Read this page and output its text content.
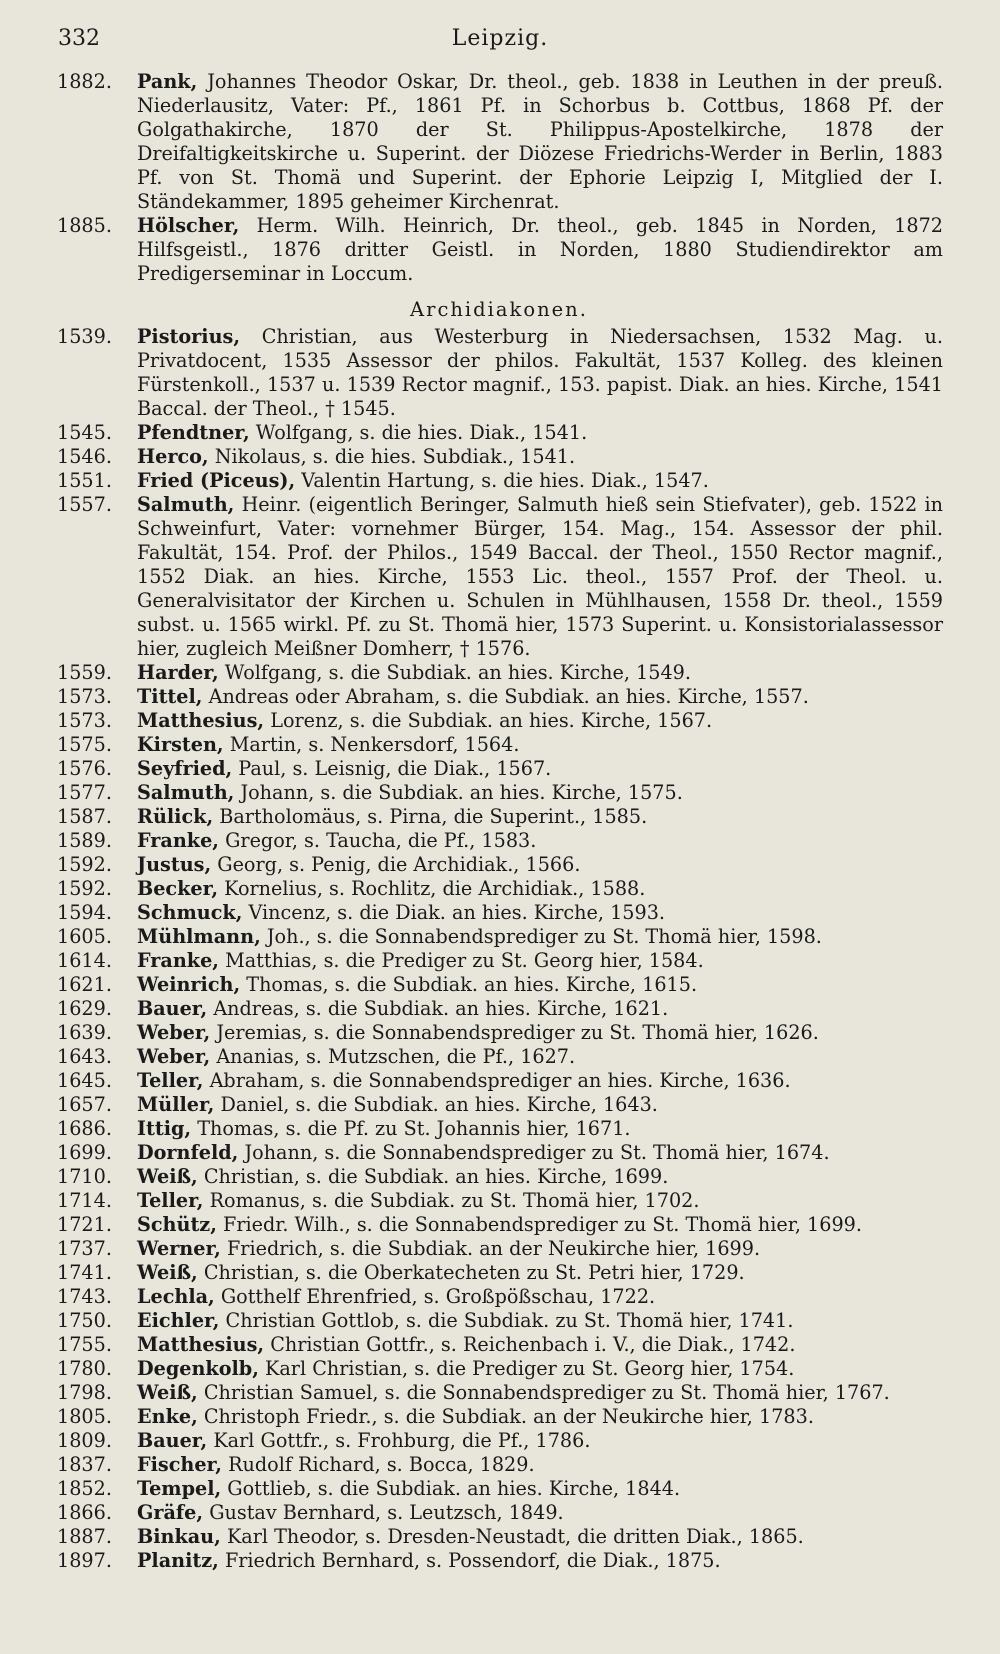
332	Leipzig.
1882. Pank, Johannes Theodor Oskar, Dr. theol., geb. 1838 in Leuthen in der preuß. Niederlausitz, Vater: Pf., 1861 Pf. in Schorbus b. Cottbus, 1868 Pf. der Golgathakirche, 1870 der St. Philippus-Apostelkirche, 1878 der Dreifaltigkeitskirche u. Superint. der Diözese Friedrichs-Werder in Berlin, 1883 Pf. von St. Thomä und Superint. der Ephorie Leipzig I, Mitglied der I. Ständekammer, 1895 geheimer Kirchenrat.
1885. Hölscher, Herm. Wilh. Heinrich, Dr. theol., geb. 1845 in Norden, 1872 Hilfsgeistl., 1876 dritter Geistl. in Norden, 1880 Studiendirektor am Predigerseminar in Loccum.
Archidiakonen.
1539. Pistorius, Christian, aus Westerburg in Niedersachsen, 1532 Mag. u. Privatdocent, 1535 Assessor der philos. Fakultät, 1537 Kolleg. des kleinen Fürstenkoll., 1537 u. 1539 Rector magnif., 153. papist. Diak. an hies. Kirche, 1541 Baccal. der Theol., † 1545.
1545. Pfendtner, Wolfgang, s. die hies. Diak., 1541.
1546. Herco, Nikolaus, s. die hies. Subdiak., 1541.
1551. Fried (Piceus), Valentin Hartung, s. die hies. Diak., 1547.
1557. Salmuth, Heinr. (eigentlich Beringer, Salmuth hieß sein Stiefvater), geb. 1522 in Schweinfurt, Vater: vornehmer Bürger, 154. Mag., 154. Assessor der phil. Fakultät, 154. Prof. der Philos., 1549 Baccal. der Theol., 1550 Rector magnif., 1552 Diak. an hies. Kirche, 1553 Lic. theol., 1557 Prof. der Theol. u. Generalvisitator der Kirchen u. Schulen in Mühlhausen, 1558 Dr. theol., 1559 subst. u. 1565 wirkl. Pf. zu St. Thomä hier, 1573 Superint. u. Konsistorialassessor hier, zugleich Meißner Domherr, † 1576.
1559. Harder, Wolfgang, s. die Subdiak. an hies. Kirche, 1549.
1573. Tittel, Andreas oder Abraham, s. die Subdiak. an hies. Kirche, 1557.
1573. Matthesius, Lorenz, s. die Subdiak. an hies. Kirche, 1567.
1575. Kirsten, Martin, s. Nenkersdorf, 1564.
1576. Seyfried, Paul, s. Leisnig, die Diak., 1567.
1577. Salmuth, Johann, s. die Subdiak. an hies. Kirche, 1575.
1587. Rülick, Bartholomäus, s. Pirna, die Superint., 1585.
1589. Franke, Gregor, s. Taucha, die Pf., 1583.
1592. Justus, Georg, s. Penig, die Archidiak., 1566.
1592. Becker, Kornelius, s. Rochlitz, die Archidiak., 1588.
1594. Schmuck, Vincenz, s. die Diak. an hies. Kirche, 1593.
1605. Mühlmann, Joh., s. die Sonnabendsprediger zu St. Thomä hier, 1598.
1614. Franke, Matthias, s. die Prediger zu St. Georg hier, 1584.
1621. Weinrich, Thomas, s. die Subdiak. an hies. Kirche, 1615.
1629. Bauer, Andreas, s. die Subdiak. an hies. Kirche, 1621.
1639. Weber, Jeremias, s. die Sonnabendsprediger zu St. Thomä hier, 1626.
1643. Weber, Ananias, s. Mutzschen, die Pf., 1627.
1645. Teller, Abraham, s. die Sonnabendsprediger an hies. Kirche, 1636.
1657. Müller, Daniel, s. die Subdiak. an hies. Kirche, 1643.
1686. Ittig, Thomas, s. die Pf. zu St. Johannis hier, 1671.
1699. Dornfeld, Johann, s. die Sonnabendsprediger zu St. Thomä hier, 1674.
1710. Weiß, Christian, s. die Subdiak. an hies. Kirche, 1699.
1714. Teller, Romanus, s. die Subdiak. zu St. Thomä hier, 1702.
1721. Schütz, Friedr. Wilh., s. die Sonnabendsprediger zu St. Thomä hier, 1699.
1737. Werner, Friedrich, s. die Subdiak. an der Neukirche hier, 1699.
1741. Weiß, Christian, s. die Oberkatecheten zu St. Petri hier, 1729.
1743. Lechla, Gotthelf Ehrenfried, s. Großpößschau, 1722.
1750. Eichler, Christian Gottlob, s. die Subdiak. zu St. Thomä hier, 1741.
1755. Matthesius, Christian Gottfr., s. Reichenbach i. V., die Diak., 1742.
1780. Degenkolb, Karl Christian, s. die Prediger zu St. Georg hier, 1754.
1798. Weiß, Christian Samuel, s. die Sonnabendsprediger zu St. Thomä hier, 1767.
1805. Enke, Christoph Friedr., s. die Subdiak. an der Neukirche hier, 1783.
1809. Bauer, Karl Gottfr., s. Frohburg, die Pf., 1786.
1837. Fischer, Rudolf Richard, s. Bocca, 1829.
1852. Tempel, Gottlieb, s. die Subdiak. an hies. Kirche, 1844.
1866. Gräfe, Gustav Bernhard, s. Leutzsch, 1849.
1887. Binkau, Karl Theodor, s. Dresden-Neustadt, die dritten Diak., 1865.
1897. Planitz, Friedrich Bernhard, s. Possendorf, die Diak., 1875.
